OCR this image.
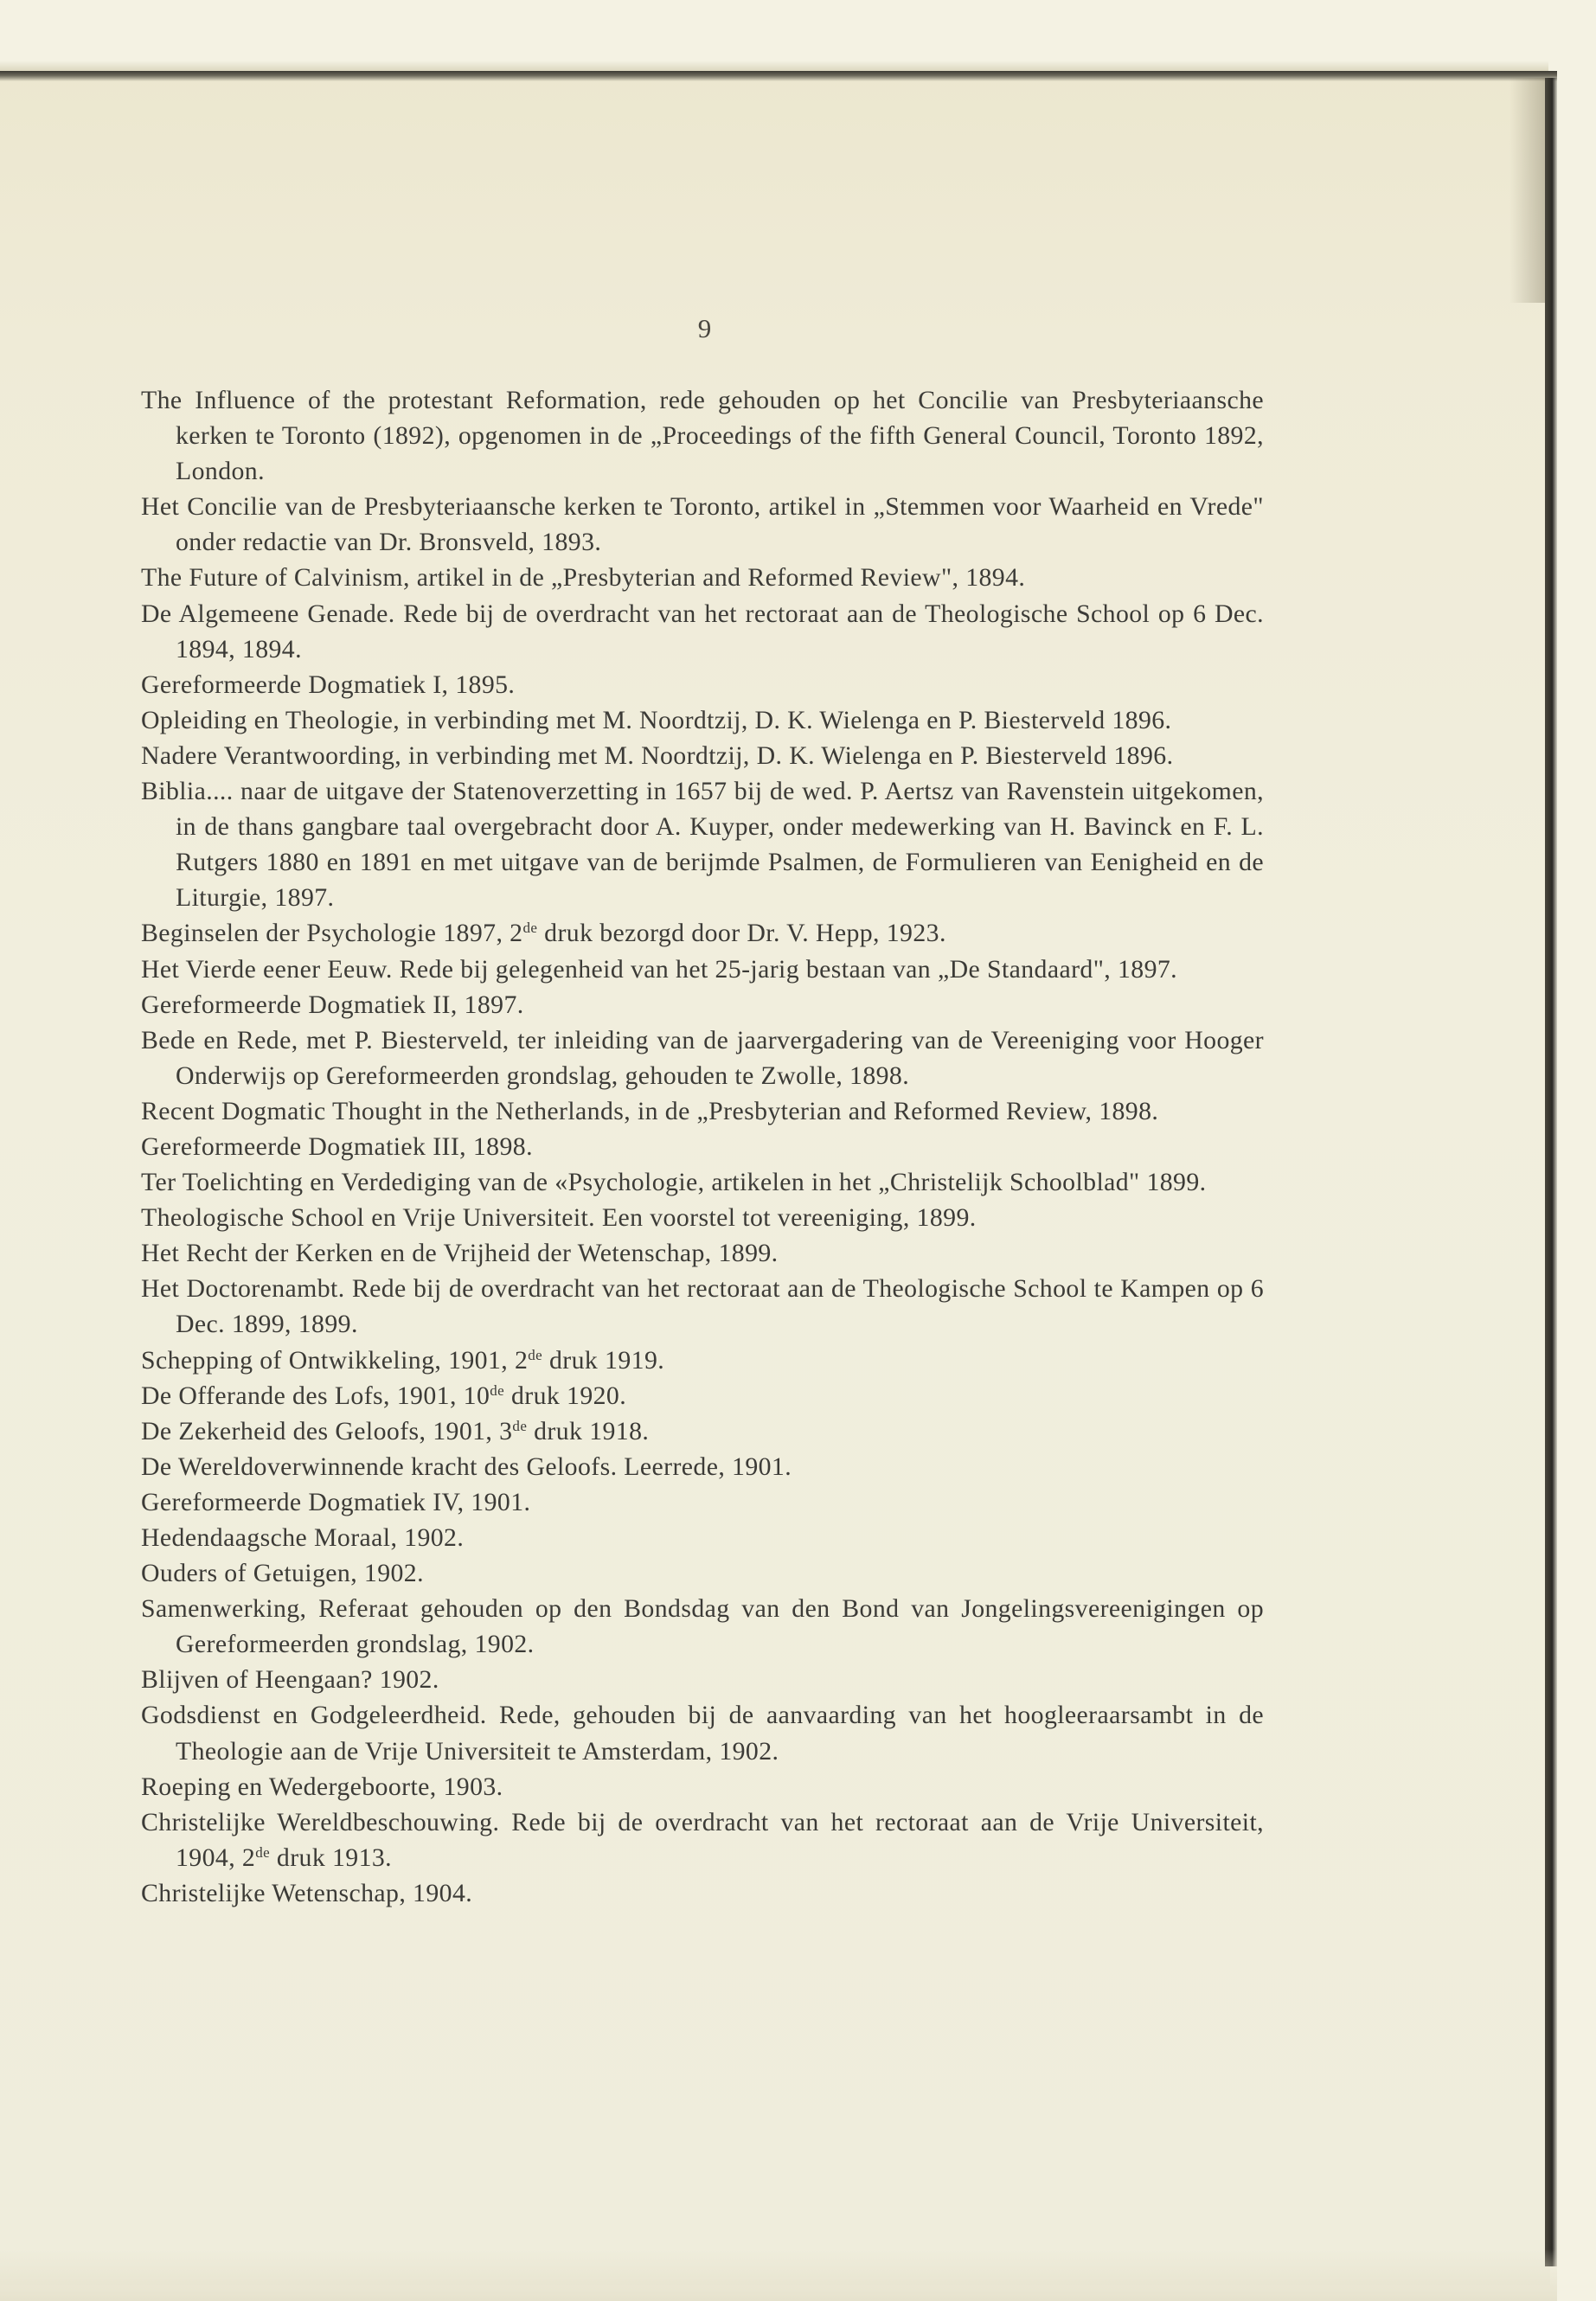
9
The Influence of the protestant Reformation, rede gehouden op het Concilie van Presbyteriaansche kerken te Toronto (1892), opgenomen in de „Proceedings of the fifth General Council, Toronto 1892, London.
Het Concilie van de Presbyteriaansche kerken te Toronto, artikel in „Stemmen voor Waarheid en Vrede" onder redactie van Dr. Bronsveld, 1893.
The Future of Calvinism, artikel in de „Presbyterian and Reformed Review", 1894.
De Algemeene Genade. Rede bij de overdracht van het rectoraat aan de Theologische School op 6 Dec. 1894, 1894.
Gereformeerde Dogmatiek I, 1895.
Opleiding en Theologie, in verbinding met M. Noordtzij, D. K. Wielenga en P. Biesterveld 1896.
Nadere Verantwoording, in verbinding met M. Noordtzij, D. K. Wielenga en P. Biesterveld 1896.
Biblia.... naar de uitgave der Statenoverzetting in 1657 bij de wed. P. Aertsz van Ravenstein uitgekomen, in de thans gangbare taal overgebracht door A. Kuyper, onder medewerking van H. Bavinck en F. L. Rutgers 1880 en 1891 en met uitgave van de berijmde Psalmen, de Formulieren van Eenigheid en de Liturgie, 1897.
Beginselen der Psychologie 1897, 2de druk bezorgd door Dr. V. Hepp, 1923.
Het Vierde eener Eeuw. Rede bij gelegenheid van het 25-jarig bestaan van „De Standaard", 1897.
Gereformeerde Dogmatiek II, 1897.
Bede en Rede, met P. Biesterveld, ter inleiding van de jaarvergadering van de Vereeniging voor Hooger Onderwijs op Gereformeerden grondslag, gehouden te Zwolle, 1898.
Recent Dogmatic Thought in the Netherlands, in de „Presbyterian and Reformed Review, 1898.
Gereformeerde Dogmatiek III, 1898.
Ter Toelichting en Verdediging van de «Psychologie, artikelen in het „Christelijk Schoolblad" 1899.
Theologische School en Vrije Universiteit. Een voorstel tot vereeniging, 1899.
Het Recht der Kerken en de Vrijheid der Wetenschap, 1899.
Het Doctorenambt. Rede bij de overdracht van het rectoraat aan de Theologische School te Kampen op 6 Dec. 1899, 1899.
Schepping of Ontwikkeling, 1901, 2de druk 1919.
De Offerande des Lofs, 1901, 10de druk 1920.
De Zekerheid des Geloofs, 1901, 3de druk 1918.
De Wereldoverwinnende kracht des Geloofs. Leerrede, 1901.
Gereformeerde Dogmatiek IV, 1901.
Hedendaagsche Moraal, 1902.
Ouders of Getuigen, 1902.
Samenwerking, Referaat gehouden op den Bondsdag van den Bond van Jongelingsvereenigingen op Gereformeerden grondslag, 1902.
Blijven of Heengaan? 1902.
Godsdienst en Godgeleerdheid. Rede, gehouden bij de aanvaarding van het hoogleeraarsambt in de Theologie aan de Vrije Universiteit te Amsterdam, 1902.
Roeping en Wedergeboorte, 1903.
Christelijke Wereldbeschouwing. Rede bij de overdracht van het rectoraat aan de Vrije Universiteit, 1904, 2de druk 1913.
Christelijke Wetenschap, 1904.
